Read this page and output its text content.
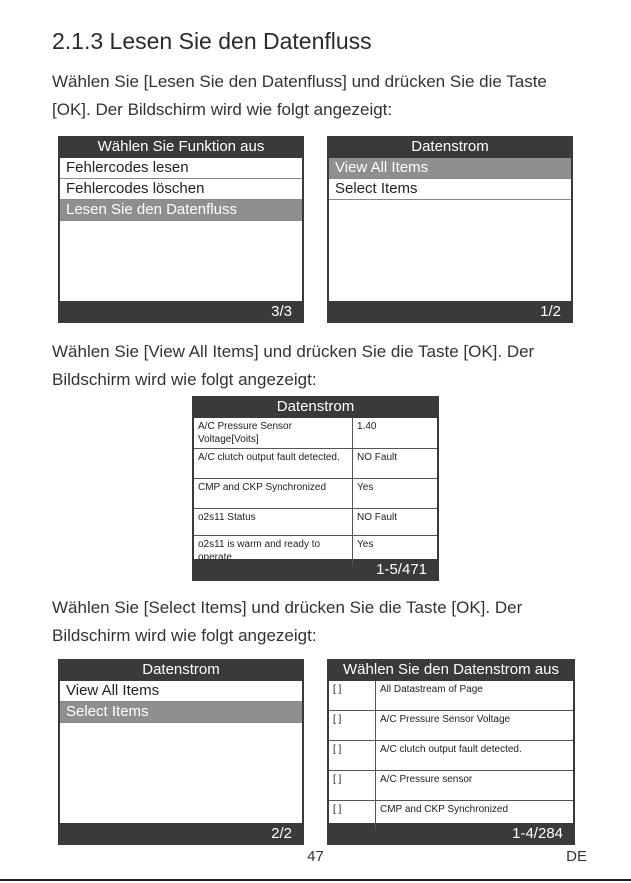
2.1.3 Lesen Sie den Datenfluss
Wählen Sie [Lesen Sie den Datenfluss] und drücken Sie die Taste
[OK]. Der Bildschirm wird wie folgt angezeigt:
Wählen Sie Funktion aus
Fehlercodes lesen
Fehlercodes löschen
Lesen Sie den Datenfluss
3/3
Datenstrom
View All Items
Select Items
1/2
Wählen Sie [View All Items] und drücken Sie die Taste [OK]. Der
Bildschirm wird wie folgt angezeigt:
Datenstrom
A/C Pressure Sensor Voltage[Voits]	1.40
A/C clutch output fault detected.	NO Fault
CMP and CKP Synchronized	Yes
o2s11 Status	NO Fault
o2s11 is warm and ready to operate.	Yes
1-5/471
Wählen Sie [Select Items] und drücken Sie die Taste [OK]. Der
Bildschirm wird wie folgt angezeigt:
Datenstrom
View All Items
Select Items
2/2
Wählen Sie den Datenstrom aus
[ ]	All Datastream of Page
[ ]	A/C Pressure Sensor Voltage
[ ]	A/C clutch output fault detected.
[ ]	A/C Pressure sensor
[ ]	CMP and CKP Synchronized
1-4/284
47	DE
